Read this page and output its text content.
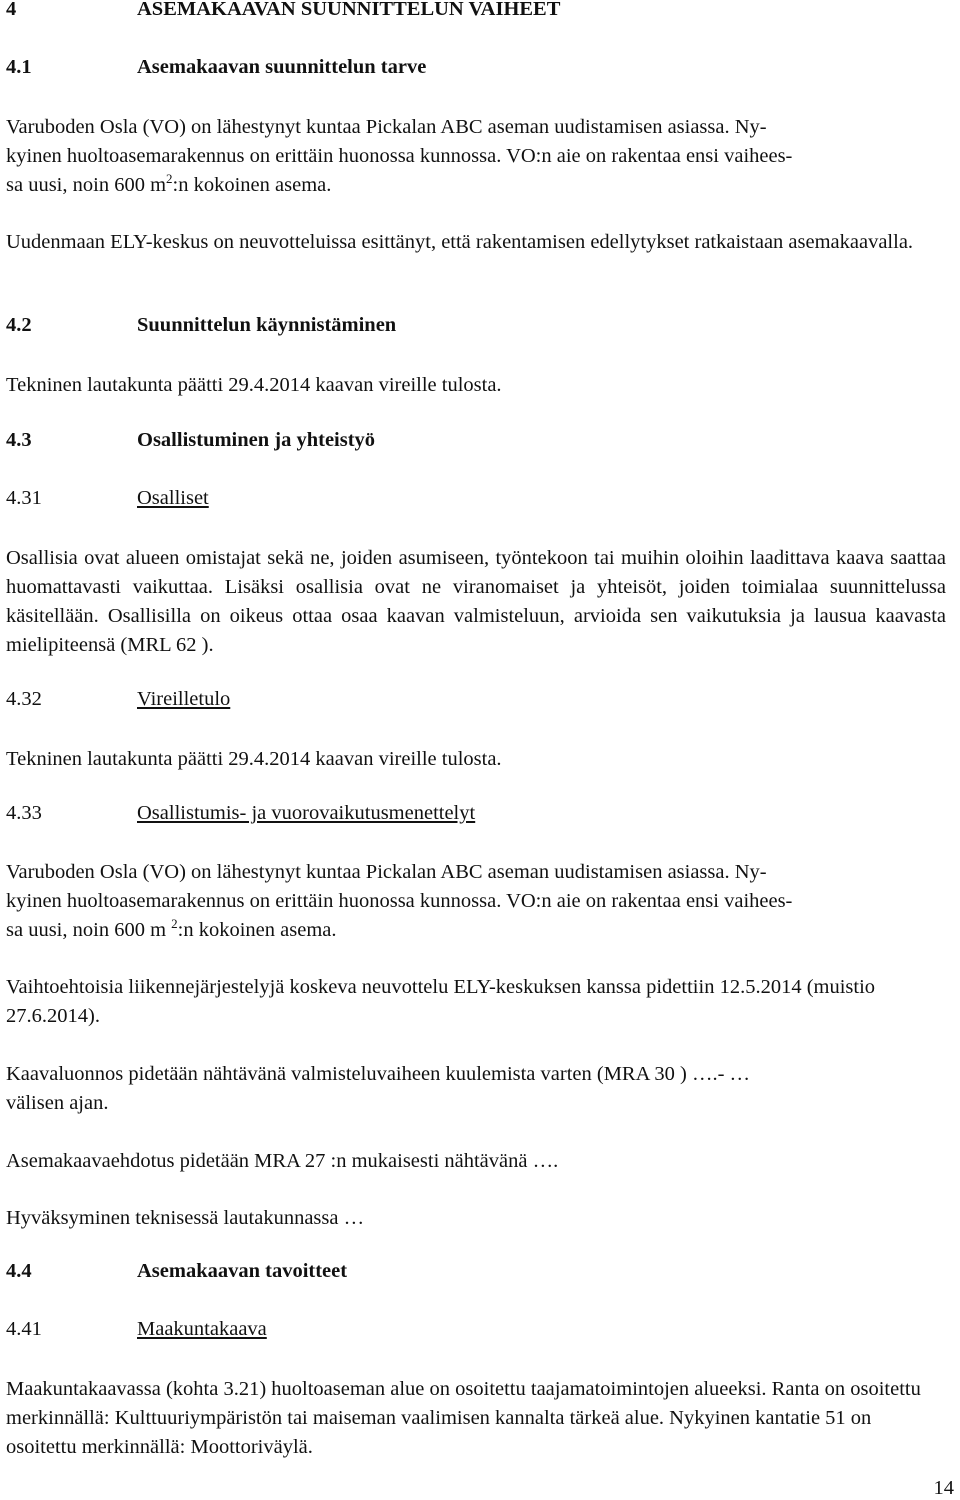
4	ASEMAKAAVAN SUUNNITTELUN VAIHEET
4.1	Asemakaavan suunnittelun tarve
Varuboden Osla (VO) on lähestynyt kuntaa Pickalan ABC aseman uudistamisen asiassa. Ny-
kyinen huoltoasemarakennus on erittäin huonossa kunnossa. VO:n aie on rakentaa ensi vaihees-
sa uusi, noin 600 $m^2:n$ kokoinen asema.
Uudenmaan ELY-keskus on neuvotteluissa esittänyt, että rakentamisen edellytykset ratkaistaan asemakaavalla.
4.2	Suunnittelun käynnistäminen
Tekninen lautakunta päätti 29.4.2014 kaavan vireille tulosta.
4.3	Osallistuminen ja yhteistyö
4.31	Osalliset
Osallisia ovat alueen omistajat sekä ne, joiden asumiseen, työntekoon tai muihin oloihin laadittava kaava saattaa huomattavasti vaikuttaa. Lisäksi osallisia ovat ne viranomaiset ja yhteisöt, joiden toimialaa suunnittelussa käsitellään. Osallisilla on oikeus ottaa osaa kaavan valmisteluun, arvioida sen vaikutuksia ja lausua kaavasta mielipiteensä (MRL 62 ).
4.32	Vireilletulo
Tekninen lautakunta päätti 29.4.2014 kaavan vireille tulosta.
4.33	Osallistumis- ja vuorovaikutusmenettelyt
Varuboden Osla (VO) on lähestynyt kuntaa Pickalan ABC aseman uudistamisen asiassa. Ny-
kyinen huoltoasemarakennus on erittäin huonossa kunnossa. VO:n aie on rakentaa ensi vaihees-
sa uusi, noin 600 m $^2$:n kokoinen asema.
Vaihtoehtoisia liikennejärjestelyjä koskeva neuvottelu ELY-keskuksen kanssa pidettiin 12.5.2014 (muistio 27.6.2014).
Kaavaluonnos pidetään nähtävänä valmisteluvaiheen kuulemista varten (MRA 30 ) ….- …
välisen ajan.
Asemakaavaehdotus pidetään MRA 27 :n mukaisesti nähtävänä ….
Hyväksyminen teknisessä lautakunnassa …
4.4	Asemakaavan tavoitteet
4.41	Maakuntakaava
Maakuntakaavassa (kohta 3.21) huoltoaseman alue on osoitettu taajamatoimintojen alueeksi. Ranta on osoitettu merkinnällä: Kulttuuriympäristön tai maiseman vaalimisen kannalta tärkeä alue. Nykyinen kantatie 51 on osoitettu merkinnällä: Moottoriväylä.
14
